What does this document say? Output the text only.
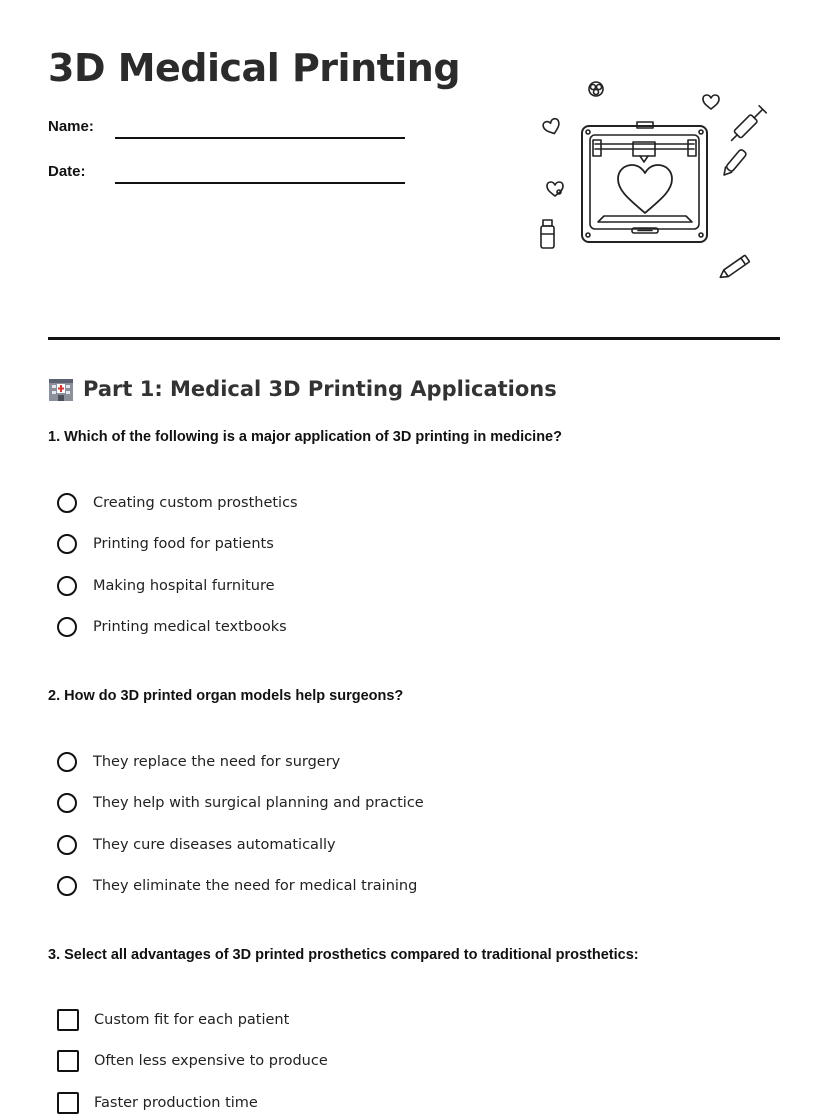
3D Medical Printing
Name:
Date:
Part 1: Medical 3D Printing Applications
1. Which of the following is a major application of 3D printing in medicine?
Creating custom prosthetics
Printing food for patients
Making hospital furniture
Printing medical textbooks
2. How do 3D printed organ models help surgeons?
They replace the need for surgery
They help with surgical planning and practice
They cure diseases automatically
They eliminate the need for medical training
3. Select all advantages of 3D printed prosthetics compared to traditional prosthetics:
Custom fit for each patient
Often less expensive to produce
Faster production time
